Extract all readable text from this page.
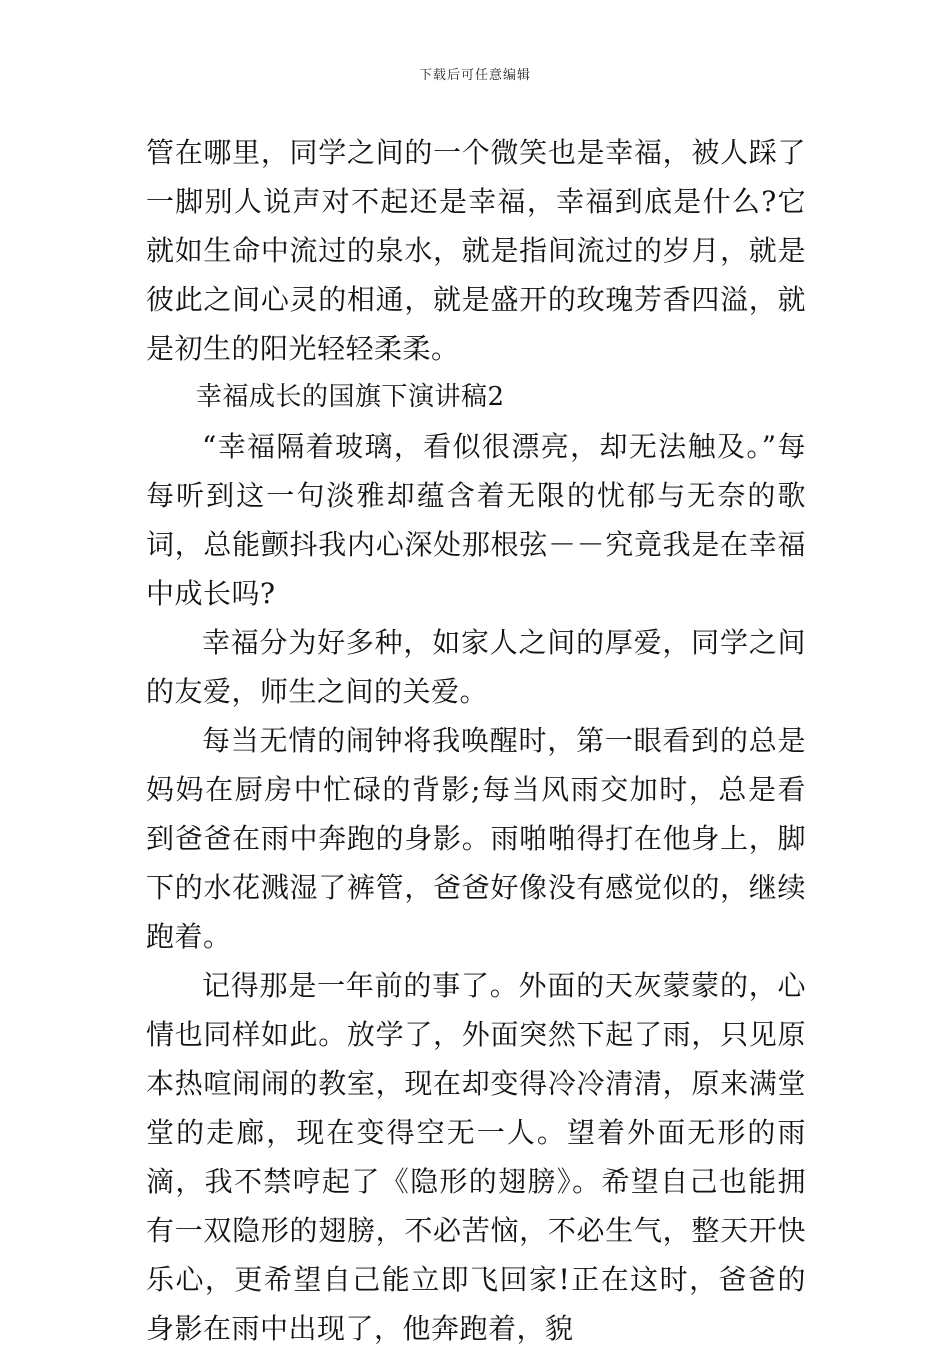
下载后可任意编辑

管在哪里，同学之间的一个微笑也是幸福，被人踩了一脚别人说声对不起还是幸福，幸福到底是什么?它就如生命中流过的泉水，就是指间流过的岁月，就是彼此之间心灵的相通，就是盛开的玫瑰芳香四溢，就是初生的阳光轻轻柔柔。

幸福成长的国旗下演讲稿2

“幸福隔着玻璃，看似很漂亮，却无法触及。”每每听到这一句淡雅却蕴含着无限的忧郁与无奈的歌词，总能颤抖我内心深处那根弦－－究竟我是在幸福中成长吗?

幸福分为好多种，如家人之间的厚爱，同学之间的友爱，师生之间的关爱。

每当无情的闹钟将我唤醒时，第一眼看到的总是妈妈在厨房中忙碌的背影;每当风雨交加时，总是看到爸爸在雨中奔跑的身影。雨啪啪得打在他身上，脚下的水花溅湿了裤管，爸爸好像没有感觉似的，继续跑着。

记得那是一年前的事了。外面的天灰蒙蒙的，心情也同样如此。放学了，外面突然下起了雨，只见原本热喧闹闹的教室，现在却变得冷冷清清，原来满堂堂的走廊，现在变得空无一人。望着外面无形的雨滴，我不禁哼起了《隐形的翅膀》。希望自己也能拥有一双隐形的翅膀，不必苦恼，不必生气，整天开快乐心，更希望自己能立即飞回家!正在这时，爸爸的身影在雨中出现了，他奔跑着，貌
